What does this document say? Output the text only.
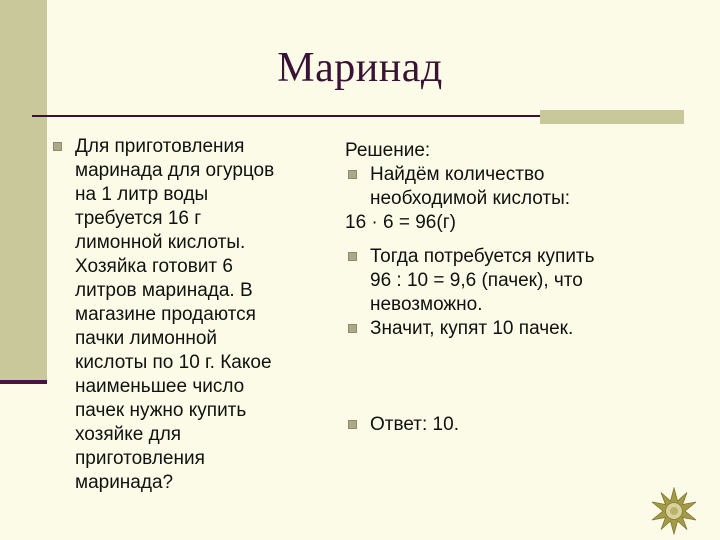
Маринад
Для приготовления
маринада для огурцов
на 1 литр воды
требуется 16 г
лимонной кислоты.
Хозяйка готовит 6
литров маринада. В
магазине продаются
пачки лимонной
кислоты по 10 г. Какое
наименьшее число
пачек нужно купить
хозяйке для
приготовления
маринада?
Решение:
Найдём количество
необходимой кислоты:
16 · 6 = 96(г)
Тогда потребуется купить
96 : 10 = 9,6 (пачек), что
невозможно.
Значит, купят 10 пачек.
Ответ: 10.
